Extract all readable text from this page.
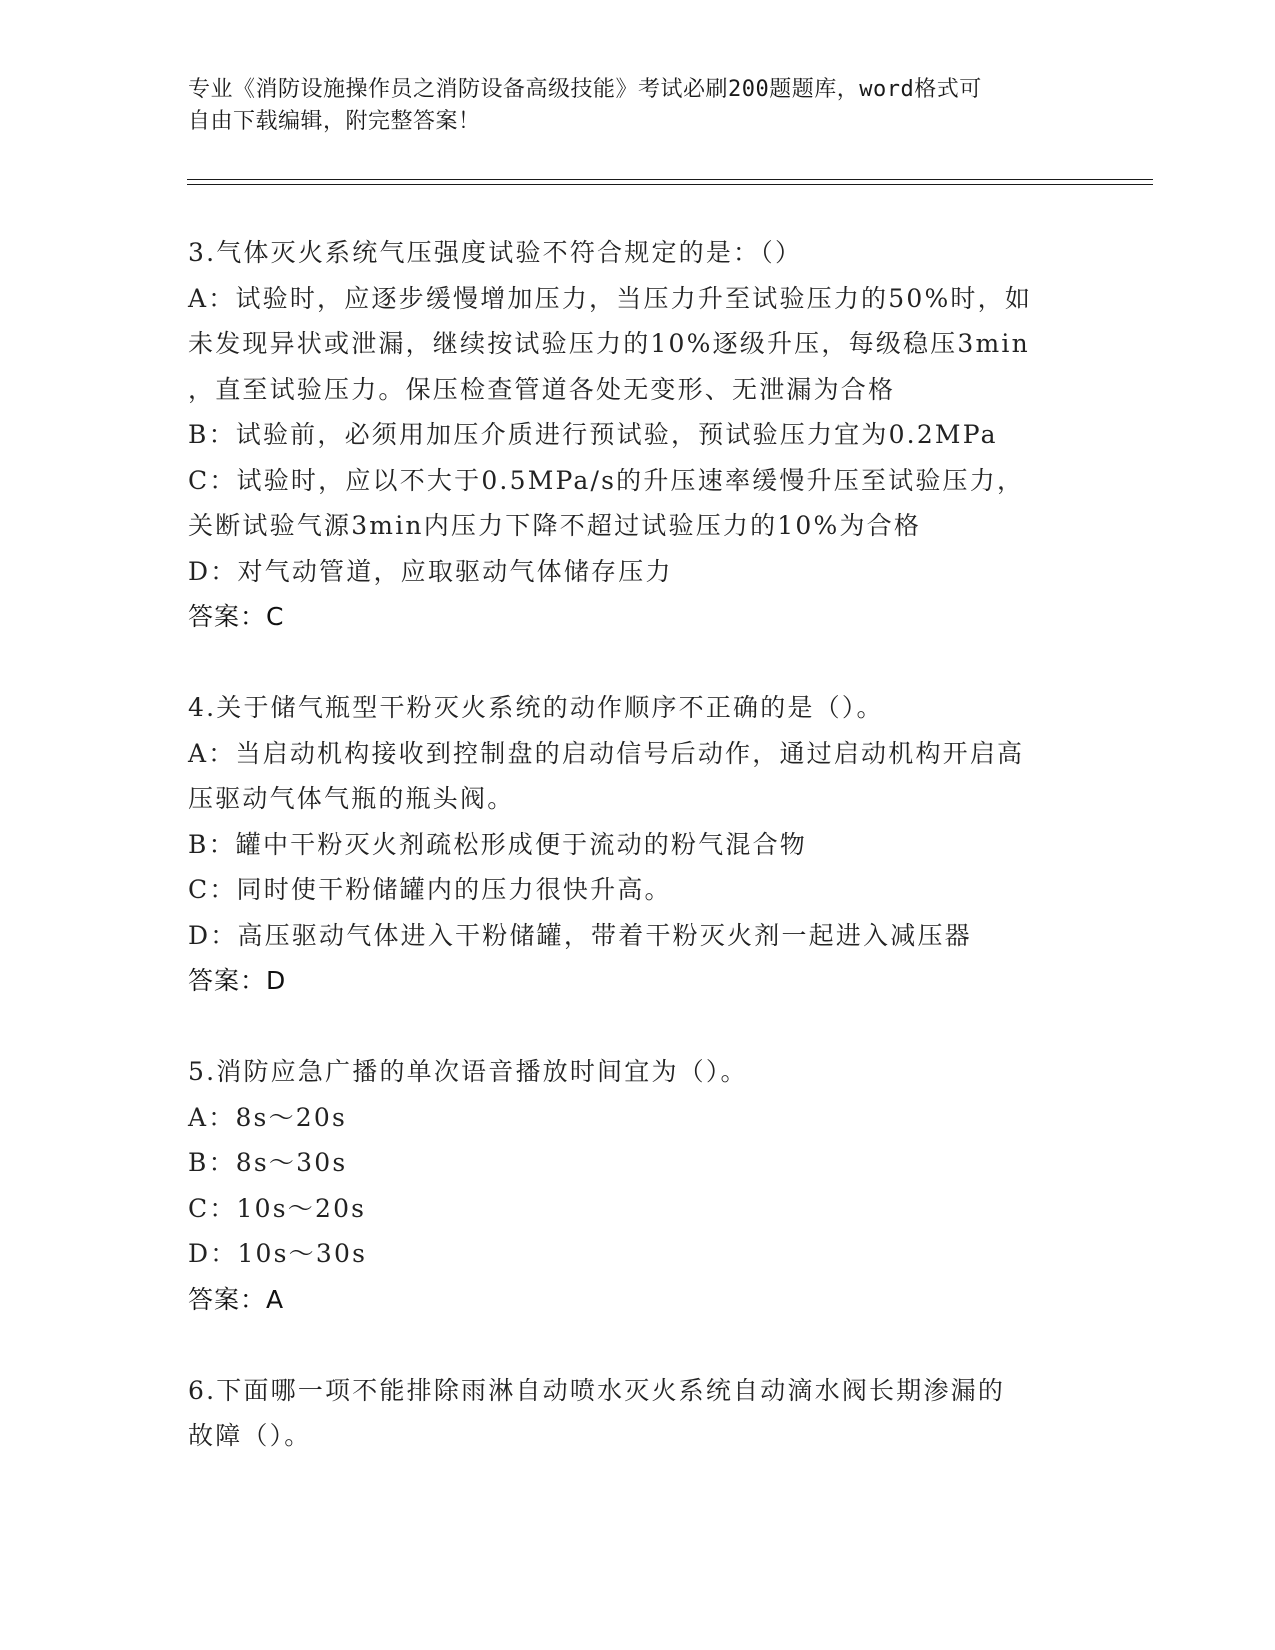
专业《消防设施操作员之消防设备高级技能》考试必刷200题题库，word格式可
自由下载编辑，附完整答案！
3.气体灭火系统气压强度试验不符合规定的是：（）
A：试验时，应逐步缓慢增加压力，当压力升至试验压力的50%时，如
未发现异状或泄漏，继续按试验压力的10%逐级升压，每级稳压3min
，直至试验压力。保压检查管道各处无变形、无泄漏为合格
B：试验前，必须用加压介质进行预试验，预试验压力宜为0.2MPa
C：试验时，应以不大于0.5MPa/s的升压速率缓慢升压至试验压力，
关断试验气源3min内压力下降不超过试验压力的10%为合格
D：对气动管道，应取驱动气体储存压力
答案：C
4.关于储气瓶型干粉灭火系统的动作顺序不正确的是（）。
A：当启动机构接收到控制盘的启动信号后动作，通过启动机构开启高
压驱动气体气瓶的瓶头阀。
B：罐中干粉灭火剂疏松形成便于流动的粉气混合物
C：同时使干粉储罐内的压力很快升高。
D：高压驱动气体进入干粉储罐，带着干粉灭火剂一起进入减压器
答案：D
5.消防应急广播的单次语音播放时间宜为（）。
A：8s～20s
B：8s～30s
C：10s～20s
D：10s～30s
答案：A
6.下面哪一项不能排除雨淋自动喷水灭火系统自动滴水阀长期渗漏的
故障（）。
